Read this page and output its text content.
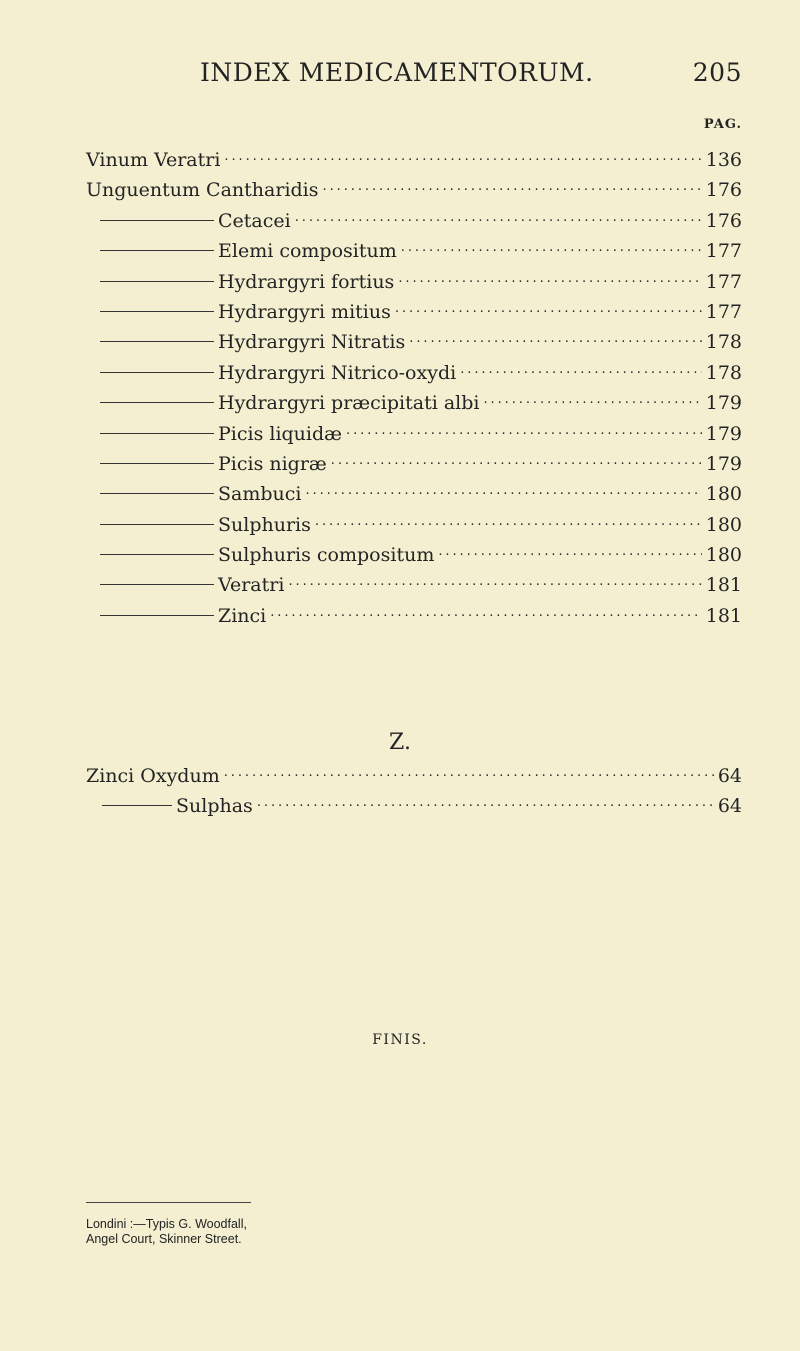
INDEX MEDICAMENTORUM.	205
PAG.
Vinum Veratri . . .	136
Unguentum Cantharidis . . .	176
Cetacei . . .	176
Elemi compositum . . .	177
Hydrargyri fortius . . .	177
Hydrargyri mitius . . .	177
Hydrargyri Nitratis . . .	178
Hydrargyri Nitrico-oxydi . . .	178
Hydrargyri præcipitati albi . . .	179
Picis liquidæ . . .	179
Picis nigræ . . .	179
Sambuci . . .	180
Sulphuris . . .	180
Sulphuris compositum . . .	180
Veratri . . .	181
Zinci . . .	181
Z.
Zinci Oxydum . . .	64
Sulphas . . .	64
FINIS.
Londini :—Typis G. Woodfall,
Angel Court, Skinner Street.
